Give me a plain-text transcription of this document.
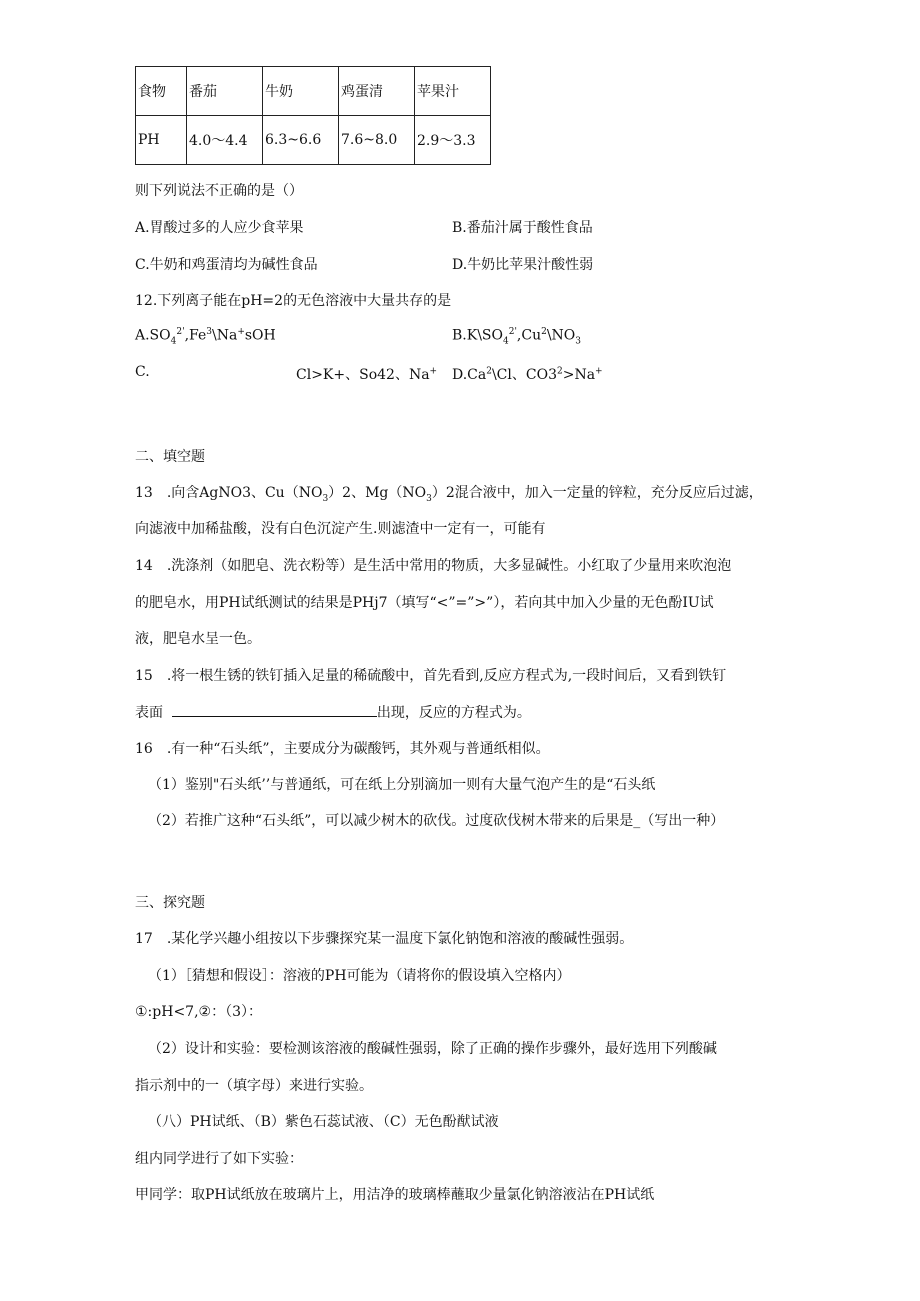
食物	番茄	牛奶	鸡蛋清	苹果汁
PH	4.0～4.4	6.3~6.6	7.6~8.0	2.9～3.3
则下列说法不正确的是（）
A.胃酸过多的人应少食苹果	B.番茄汁属于酸性食品
C.牛奶和鸡蛋清均为碱性食品	D.牛奶比苹果汁酸性弱
12.下列离子能在pH=2的无色溶液中大量共存的是
$A.SO_4^{2'},Fe^3\backslash Na^+sOH$	$B.K\backslash SO_4^{2'},Cu^2\backslash NO_3$
C.	Cl>K+、So42、Na+ D.Ca$^2$\Cl、$CO3^2>Na^+$
二、填空题
13　.向含AgNO3、$Cu(NO_3)2$、$Mg(NO_3)2$混合液中，加入一定量的锌粒，充分反应后过滤，
向滤液中加稀盐酸，没有白色沉淀产生.则滤渣中一定有一，可能有
14　.洗涤剂（如肥皂、洗衣粉等）是生活中常用的物质，大多显碱性。小红取了少量用来吹泡泡
的肥皂水，用PH试纸测试的结果是PHj7（填写“<”=”>”），若向其中加入少量的无色酚IU试
液，肥皂水呈一色。
15　.将一根生锈的铁钉插入足量的稀硫酸中，首先看到,反应方程式为,一段时间后，又看到铁钉
表面	出现，反应的方程式为。
16　.有一种“石头纸”，主要成分为碳酸钙，其外观与普通纸相似。
（1）鉴别"石头纸’’与普通纸，可在纸上分别滴加一则有大量气泡产生的是“石头纸
（2）若推广这种“石头纸”，可以减少树木的砍伐。过度砍伐树木带来的后果是_（写出一种）
三、探究题
17　.某化学兴趣小组按以下步骤探究某一温度下氯化钠饱和溶液的酸碱性强弱。
（1）［猜想和假设］：溶液的PH可能为（请将你的假设填入空格内）
①:pH<7,②：（3）：
（2）设计和实验：要检测该溶液的酸碱性强弱，除了正确的操作步骤外，最好选用下列酸碱
指示剂中的一（填字母）来进行实验。
（八）PH试纸、（B）紫色石蕊试液、（C）无色酚猷试液
组内同学进行了如下实验：
甲同学：取PH试纸放在玻璃片上，用洁净的玻璃棒蘸取少量氯化钠溶液沾在PH试纸
